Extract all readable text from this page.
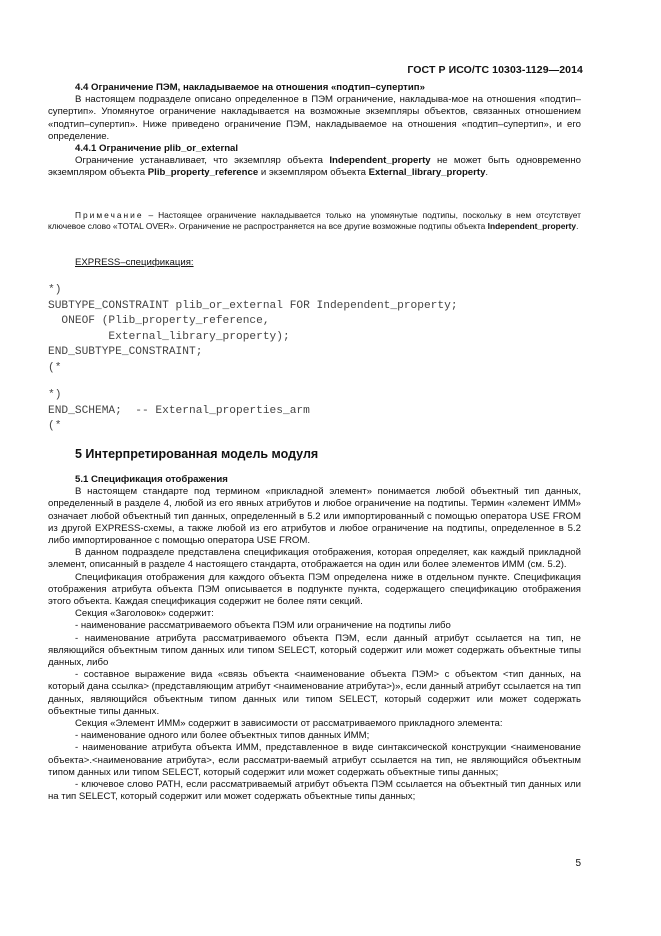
ГОСТ Р ИСО/ТС 10303-1129—2014

4.4 Ограничение ПЭМ, накладываемое на отношения «подтип–супертип»

В настоящем подразделе описано определенное в ПЭМ ограничение, накладыва-мое на отношения «подтип–супертип». Упомянутое ограничение накладывается на возможные экземпляры объектов, связанных отношением «подтип–супертип». Ниже приведено ограничение ПЭМ, накладываемое на отношения «подтип–супертип», и его определение.

4.4.1 Ограничение plib_or_external

Ограничение устанавливает, что экземпляр объекта Independent_property не может быть одновременно экземпляром объекта Plib_property_reference и экземпляром объекта External_library_property.

Примечание – Настоящее ограничение накладывается только на упомянутые подтипы, поскольку в нем отсутствует ключевое слово «TOTAL OVER». Ограничение не распространяется на все другие возможные подтипы объекта Independent_property.

EXPRESS–спецификация:

*)
SUBTYPE_CONSTRAINT plib_or_external FOR Independent_property;
ONEOF (Plib_property_reference,
External_library_property);
END_SUBTYPE_CONSTRAINT;
(*
*)
END_SCHEMA;  -- External_properties_arm
(*
5 Интерпретированная модель модуля

5.1 Спецификация отображения

В настоящем стандарте под термином «прикладной элемент» понимается любой объектный тип данных, определенный в разделе 4, любой из его явных атрибутов и любое ограничение на подтипы. Термин «элемент ИММ» означает любой объектный тип данных, определенный в 5.2 или импортированный с помощью оператора USE FROM из другой EXPRESS-схемы, а также любой из его атрибутов и любое ограничение на подтипы, определенное в 5.2 либо импортированное с помощью оператора USE FROM.

В данном подразделе представлена спецификация отображения, которая определяет, как каждый прикладной элемент, описанный в разделе 4 настоящего стандарта, отображается на один или более элементов ИММ (см. 5.2).

Спецификация отображения для каждого объекта ПЭМ определена ниже в отдельном пункте. Спецификация отображения атрибута объекта ПЭМ описывается в подпункте пункта, содержащего спецификацию отображения этого объекта. Каждая спецификация содержит не более пяти секций.

Секция «Заголовок» содержит:

- наименование рассматриваемого объекта ПЭМ или ограничение на подтипы либо

- наименование атрибута рассматриваемого объекта ПЭМ, если данный атрибут ссылается на тип, не являющийся объектным типом данных или типом SELECT, который содержит или может содержать объектные типы данных, либо

- составное выражение вида «связь объекта <наименование объекта ПЭМ> с объектом <тип данных, на который дана ссылка> (представляющим атрибут <наименование атрибута>)», если данный атрибут ссылается на тип данных, являющийся объектным типом данных или типом SELECT, который содержит или может содержать объектные типы данных.

Секция «Элемент ИММ» содержит в зависимости от рассматриваемого прикладного элемента:

- наименование одного или более объектных типов данных ИММ;

- наименование атрибута объекта ИММ, представленное в виде синтаксической конструкции <наименование объекта>.<наименование атрибута>, если рассматри-ваемый атрибут ссылается на тип, не являющийся объектным типом данных или типом SELECT, который содержит или может содержать объектные типы данных;

- ключевое слово PATH, если рассматриваемый атрибут объекта ПЭМ ссылается на объектный тип данных или на тип SELECT, который содержит или может содержать объектные типы данных;

5
